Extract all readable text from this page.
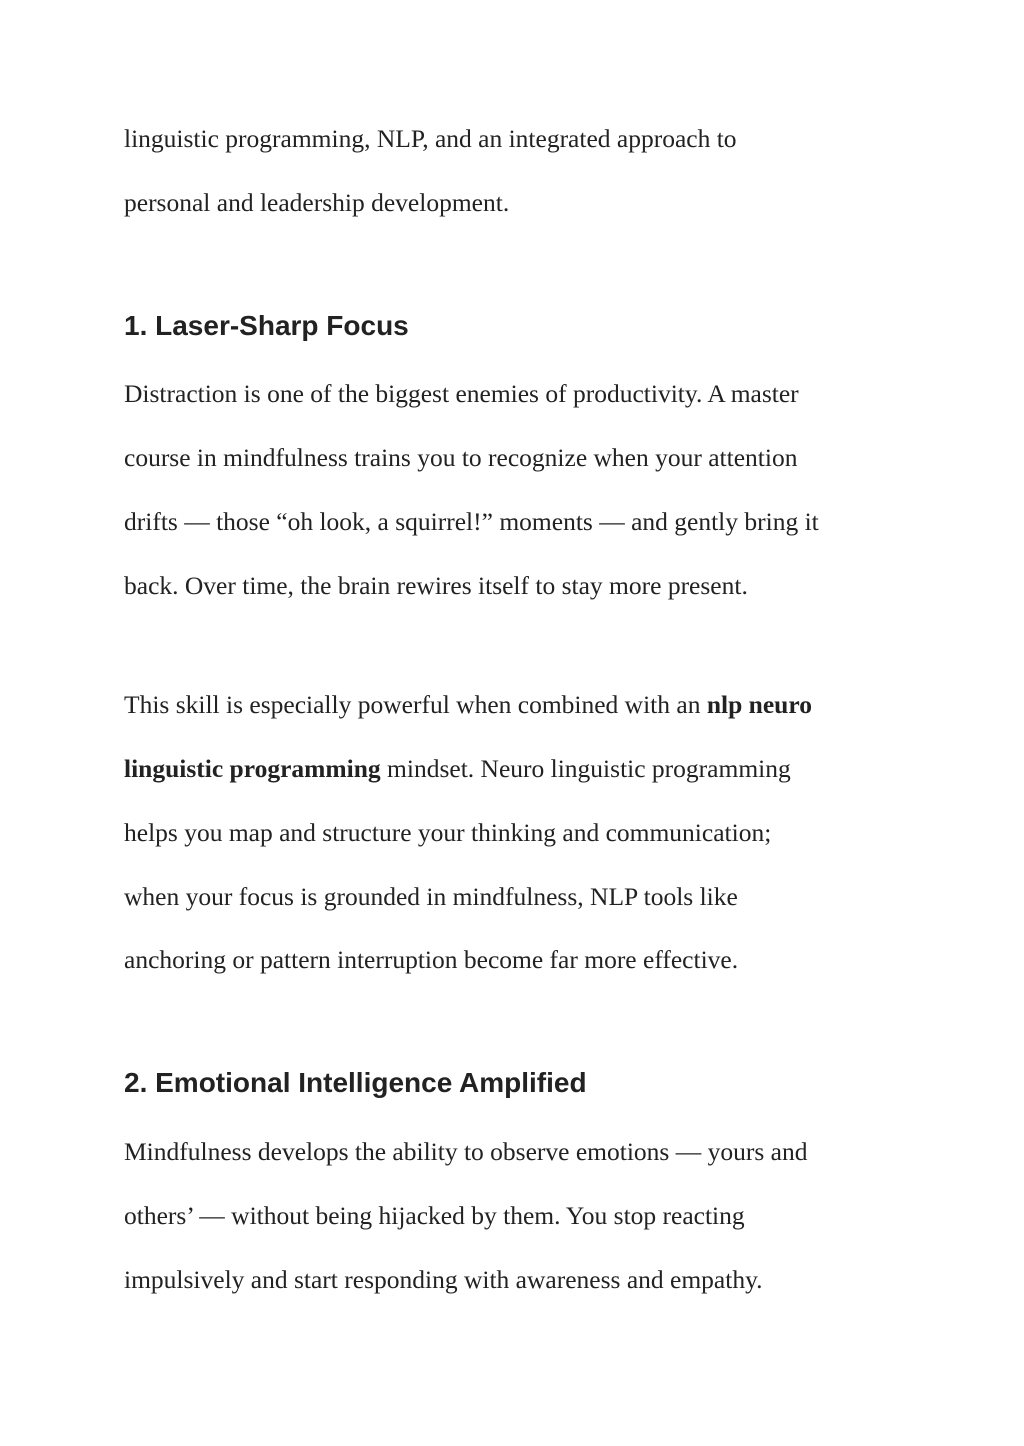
linguistic programming, NLP, and an integrated approach to
personal and leadership development.
1. Laser-Sharp Focus
Distraction is one of the biggest enemies of productivity. A master
course in mindfulness trains you to recognize when your attention
drifts — those “oh look, a squirrel!” moments — and gently bring it
back. Over time, the brain rewires itself to stay more present.
This skill is especially powerful when combined with an nlp neuro
linguistic programming mindset. Neuro linguistic programming
helps you map and structure your thinking and communication;
when your focus is grounded in mindfulness, NLP tools like
anchoring or pattern interruption become far more effective.
2. Emotional Intelligence Amplified
Mindfulness develops the ability to observe emotions — yours and
others’ — without being hijacked by them. You stop reacting
impulsively and start responding with awareness and empathy.
